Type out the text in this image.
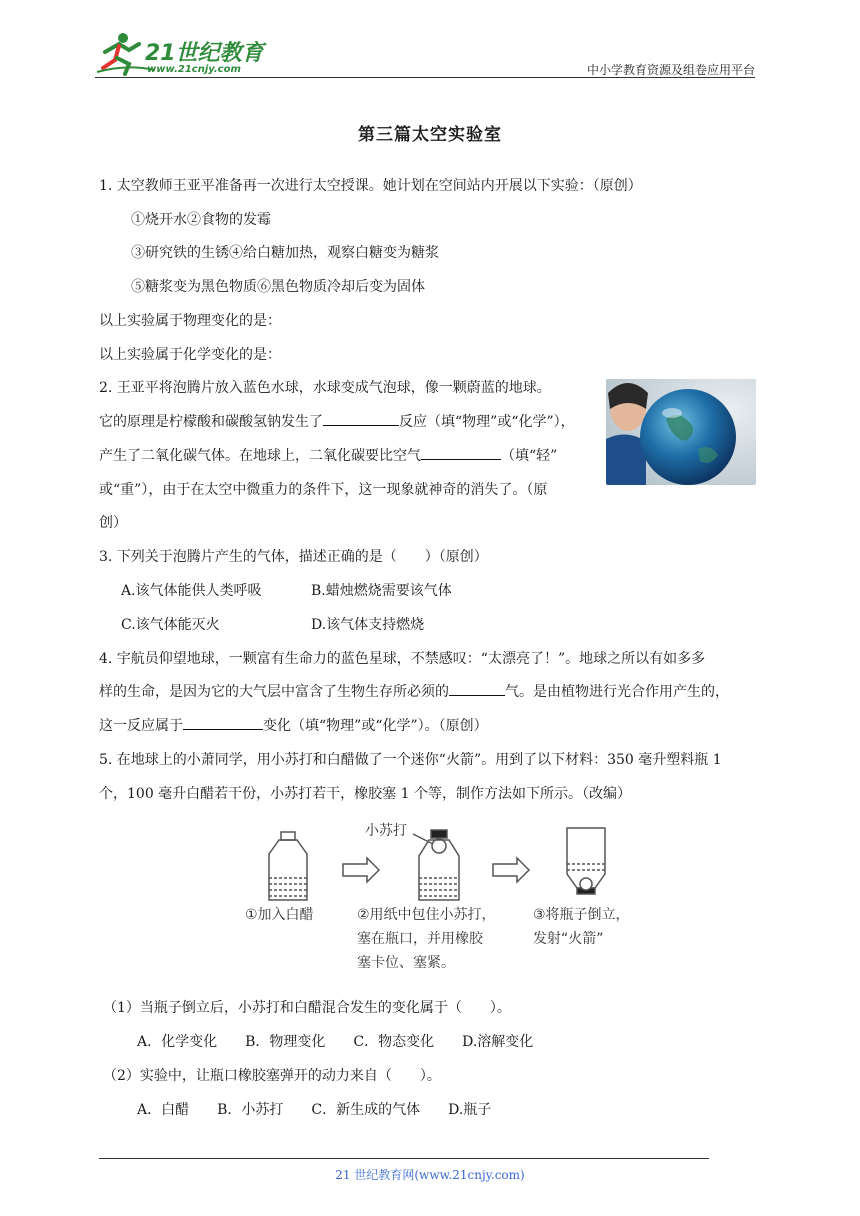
21世纪教育
www.21cnjy.com	中小学教育资源及组卷应用平台
第三篇太空实验室
1. 太空教师王亚平准备再一次进行太空授课。她计划在空间站内开展以下实验：（原创）
①烧开水②食物的发霉
③研究铁的生锈④给白糖加热，观察白糖变为糖浆
⑤糖浆变为黑色物质⑥黑色物质冷却后变为固体
以上实验属于物理变化的是：
以上实验属于化学变化的是：
2. 王亚平将泡腾片放入蓝色水球，水球变成气泡球，像一颗蔚蓝的地球。
它的原理是柠檬酸和碳酸氢钠发生了	反应（填“物理”或“化学”），
产生了二氧化碳气体。在地球上，二氧化碳要比空气	（填“轻”
或“重”），由于在太空中微重力的条件下，这一现象就神奇的消失了。（原
创）
3. 下列关于泡腾片产生的气体，描述正确的是（　　）（原创）
A.该气体能供人类呼吸	B.蜡烛燃烧需要该气体
C.该气体能灭火	D.该气体支持燃烧
4. 宇航员仰望地球，一颗富有生命力的蓝色星球，不禁感叹：“太漂亮了！”。地球之所以有如多多
样的生命，是因为它的大气层中富含了生物生存所必须的	气。是由植物进行光合作用产生的，
这一反应属于	变化（填“物理”或“化学”）。（原创）
5. 在地球上的小萧同学，用小苏打和白醋做了一个迷你“火箭”。用到了以下材料：350 毫升塑料瓶 1
个，100 毫升白醋若干份，小苏打若干，橡胶塞 1 个等，制作方法如下所示。（改编）
小苏打
①加入白醋	②用纸中包住小苏打，
塞在瓶口，并用橡胶
塞卡位、塞紧。
③将瓶子倒立，
发射“火箭”
（1）当瓶子倒立后，小苏打和白醋混合发生的变化属于（　　）。
A．化学变化　　B．物理变化　　C．物态变化　　D.溶解变化
（2）实验中，让瓶口橡胶塞弹开的动力来自（　　）。
A．白醋　　B．小苏打　　C．新生成的气体　　D.瓶子
21 世纪教育网(www.21cnjy.com)
